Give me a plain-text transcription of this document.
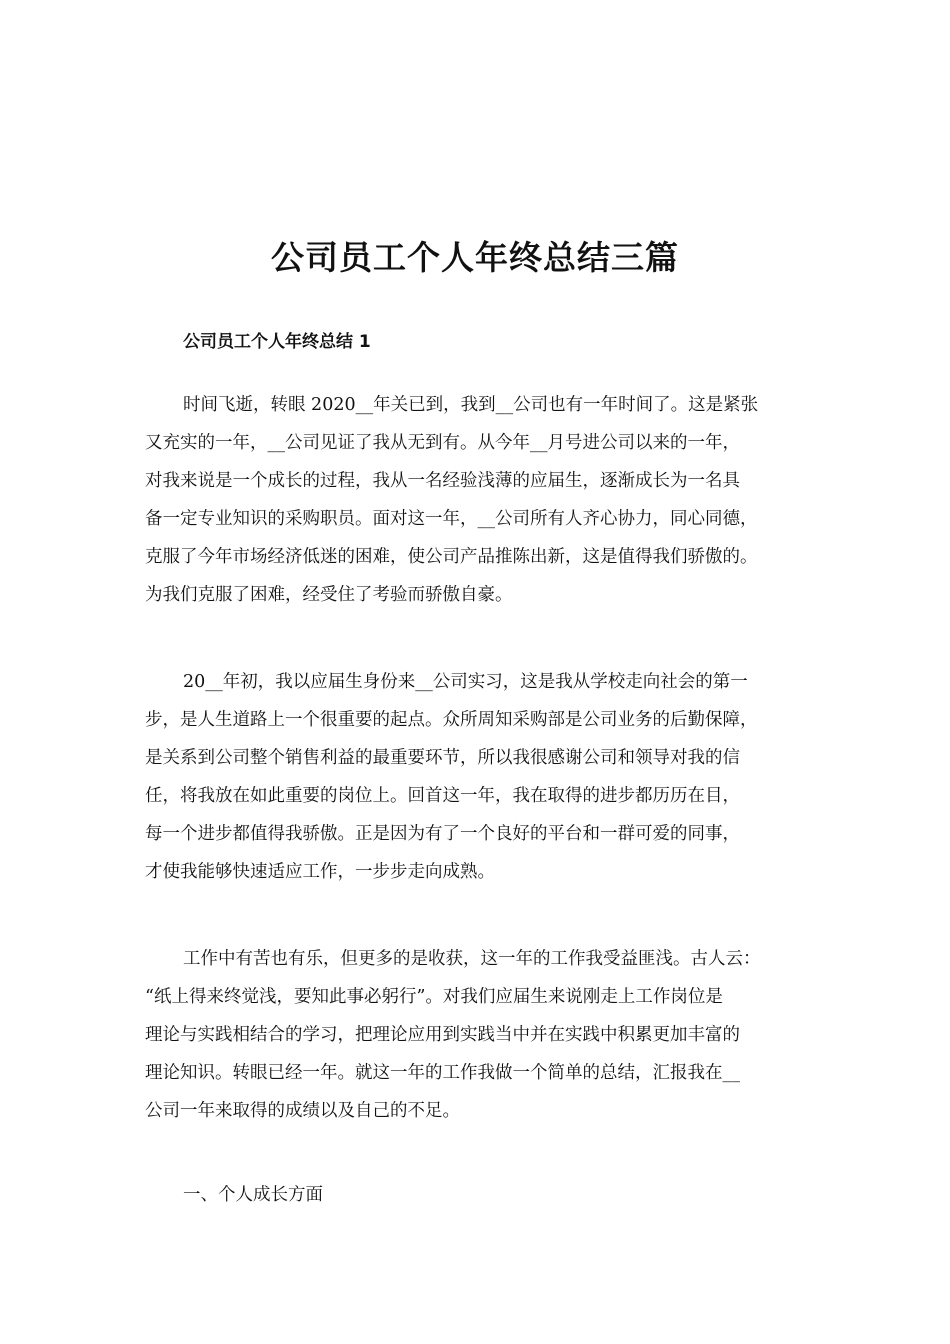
公司员工个人年终总结三篇
公司员工个人年终总结 1

时间飞逝，转眼 2020__年关已到，我到__公司也有一年时间了。这是紧张
又充实的一年，__公司见证了我从无到有。从今年__月号进公司以来的一年，
对我来说是一个成长的过程，我从一名经验浅薄的应届生，逐渐成长为一名具
备一定专业知识的采购职员。面对这一年，__公司所有人齐心协力，同心同德，
克服了今年市场经济低迷的困难，使公司产品推陈出新，这是值得我们骄傲的。
为我们克服了困难，经受住了考验而骄傲自豪。

20__年初，我以应届生身份来__公司实习，这是我从学校走向社会的第一
步，是人生道路上一个很重要的起点。众所周知采购部是公司业务的后勤保障，
是关系到公司整个销售利益的最重要环节，所以我很感谢公司和领导对我的信
任，将我放在如此重要的岗位上。回首这一年，我在取得的进步都历历在目，
每一个进步都值得我骄傲。正是因为有了一个良好的平台和一群可爱的同事，
才使我能够快速适应工作，一步步走向成熟。

工作中有苦也有乐，但更多的是收获，这一年的工作我受益匪浅。古人云：
“纸上得来终觉浅，要知此事必躬行”。对我们应届生来说刚走上工作岗位是
理论与实践相结合的学习，把理论应用到实践当中并在实践中积累更加丰富的
理论知识。转眼已经一年。就这一年的工作我做一个简单的总结，汇报我在__
公司一年来取得的成绩以及自己的不足。

一、个人成长方面
